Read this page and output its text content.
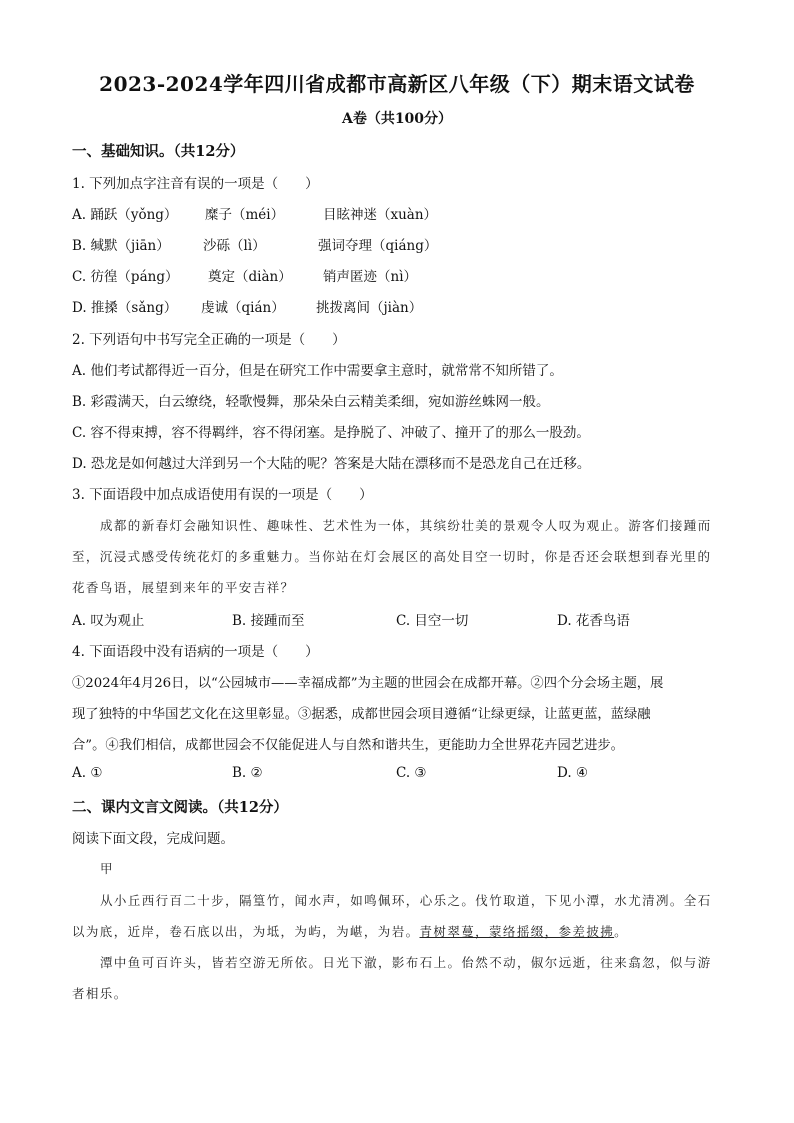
2023-2024学年四川省成都市高新区八年级（下）期末语文试卷
A卷（共100分）
一、基础知识。（共12分）
1. 下列加点字注音有误的一项是（　　）
A. 踊跃（yǒng） 糜子（méi）	目眩神迷（xuàn）
B. 缄默（jiān） 沙砾（lì）	强词夺理（qiáng）
C. 彷徨（páng） 奠定（diàn） 销声匿迹（nì）
D. 推搡（sǎng） 虔诚（qián） 挑拨离间（jiàn）
2. 下列语句中书写完全正确的一项是（　　）
A. 他们考试都得近一百分，但是在研究工作中需要拿主意时，就常常不知所错了。
B. 彩霞满天，白云缭绕，轻歌慢舞，那朵朵白云精美柔细，宛如游丝蛛网一般。
C. 容不得束搏，容不得羁绊，容不得闭塞。是挣脱了、冲破了、撞开了的那么一股劲。
D. 恐龙是如何越过大洋到另一个大陆的呢？答案是大陆在漂移而不是恐龙自己在迁移。
3. 下面语段中加点成语使用有误的一项是（　　）
成都的新春灯会融知识性、趣味性、艺术性为一体，其缤纷壮美的景观令人叹为观止。游客们接踵而
至，沉浸式感受传统花灯的多重魅力。当你站在灯会展区的高处目空一切时，你是否还会联想到春光里的
花香鸟语，展望到来年的平安吉祥？
A. 叹为观止	B. 接踵而至	C. 目空一切	D. 花香鸟语
4. 下面语段中没有语病的一项是（　　）
①2024年4月26日，以“公园城市——幸福成都”为主题的世园会在成都开幕。②四个分会场主题，展
现了独特的中华国艺文化在这里彰显。③据悉，成都世园会项目遵循“让绿更绿，让蓝更蓝，蓝绿融
合”。④我们相信，成都世园会不仅能促进人与自然和谐共生，更能助力全世界花卉园艺进步。
A. ①	B. ②	C. ③	D. ④
二、课内文言文阅读。（共12分）
阅读下面文段，完成问题。
甲
从小丘西行百二十步，隔篁竹，闻水声，如鸣佩环，心乐之。伐竹取道，下见小潭，水尤清冽。全石
以为底，近岸，卷石底以出，为坻，为屿，为嵁，为岩。青树翠蔓，蒙络摇缀，参差披拂。
潭中鱼可百许头，皆若空游无所依。日光下澈，影布石上。佁然不动，俶尔远逝，往来翕忽，似与游
者相乐。
